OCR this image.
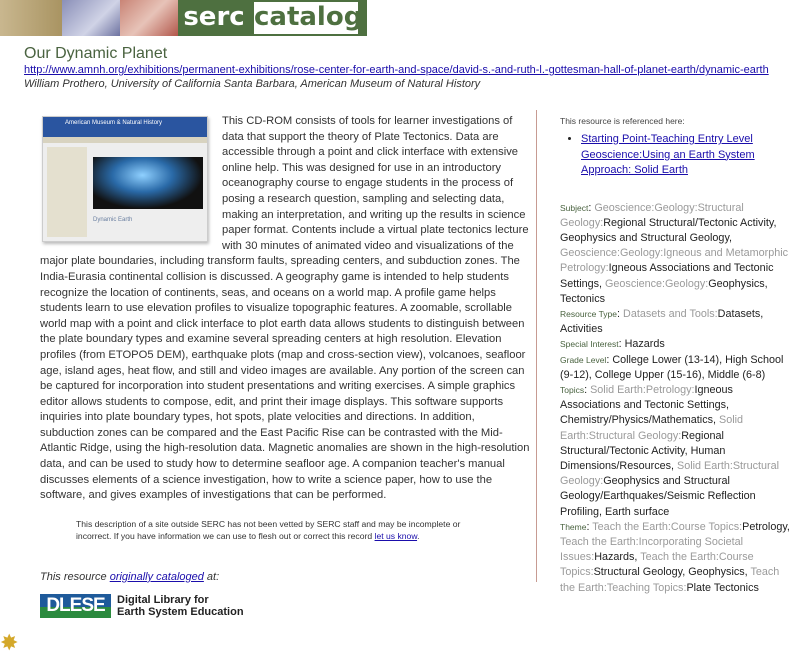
serc catalog
Our Dynamic Planet
http://www.amnh.org/exhibitions/permanent-exhibitions/rose-center-for-earth-and-space/david-s.-and-ruth-l.-gottesman-hall-of-planet-earth/dynamic-earth
William Prothero, University of California Santa Barbara, American Museum of Natural History
American Museum & Natural History
Dynamic Earth
This CD-ROM consists of tools for learner investigations of data that support the theory of Plate Tectonics. Data are accessible through a point and click interface with extensive online help. This was designed for use in an introductory oceanography course to engage students in the process of posing a research question, sampling and selecting data, making an interpretation, and writing up the results in science paper format. Contents include a virtual plate tectonics lecture with 30 minutes of animated video and visualizations of the major plate boundaries, including transform faults, spreading centers, and subduction zones. The India-Eurasia continental collision is discussed. A geography game is intended to help students recognize the location of continents, seas, and oceans on a world map. A profile game helps students learn to use elevation profiles to visualize topographic features. A zoomable, scrollable world map with a point and click interface to plot earth data allows students to distinguish between the plate boundary types and examine several spreading centers at high resolution. Elevation profiles (from ETOPO5 DEM), earthquake plots (map and cross-section view), volcanoes, seafloor age, island ages, heat flow, and still and video images are available. Any portion of the screen can be captured for incorporation into student presentations and writing exercises. A simple graphics editor allows students to compose, edit, and print their image displays. This software supports inquiries into plate boundary types, hot spots, plate velocities and directions. In addition, subduction zones can be compared and the East Pacific Rise can be contrasted with the Mid-Atlantic Ridge, using the high-resolution data. Magnetic anomalies are shown in the high-resolution data, and can be used to study how to determine seafloor age. A companion teacher's manual discusses elements of a science investigation, how to write a science paper, how to use the software, and gives examples of investigations that can be performed.
This description of a site outside SERC has not been vetted by SERC staff and may be incomplete or incorrect. If you have information we can use to flesh out or correct this record let us know.
This resource originally cataloged at:
DLESE	Digital Library for
Earth System Education
✸
This resource is referenced here:
• Starting Point-Teaching Entry Level Geoscience:Using an Earth System Approach: Solid Earth
Subject: Geoscience:Geology:Structural Geology:Regional Structural/Tectonic Activity, Geophysics and Structural Geology, Geoscience:Geology:Igneous and Metamorphic Petrology:Igneous Associations and Tectonic Settings, Geoscience:Geology:Geophysics, Tectonics
Resource Type: Datasets and Tools:Datasets, Activities
Special Interest: Hazards
Grade Level: College Lower (13-14), High School (9-12), College Upper (15-16), Middle (6-8)
Topics: Solid Earth:Petrology:Igneous Associations and Tectonic Settings, Chemistry/Physics/Mathematics, Solid Earth:Structural Geology:Regional Structural/Tectonic Activity, Human Dimensions/Resources, Solid Earth:Structural Geology:Geophysics and Structural Geology/Earthquakes/Seismic Reflection Profiling, Earth surface
Theme: Teach the Earth:Course Topics:Petrology, Teach the Earth:Incorporating Societal Issues:Hazards, Teach the Earth:Course Topics:Structural Geology, Geophysics, Teach the Earth:Teaching Topics:Plate Tectonics
